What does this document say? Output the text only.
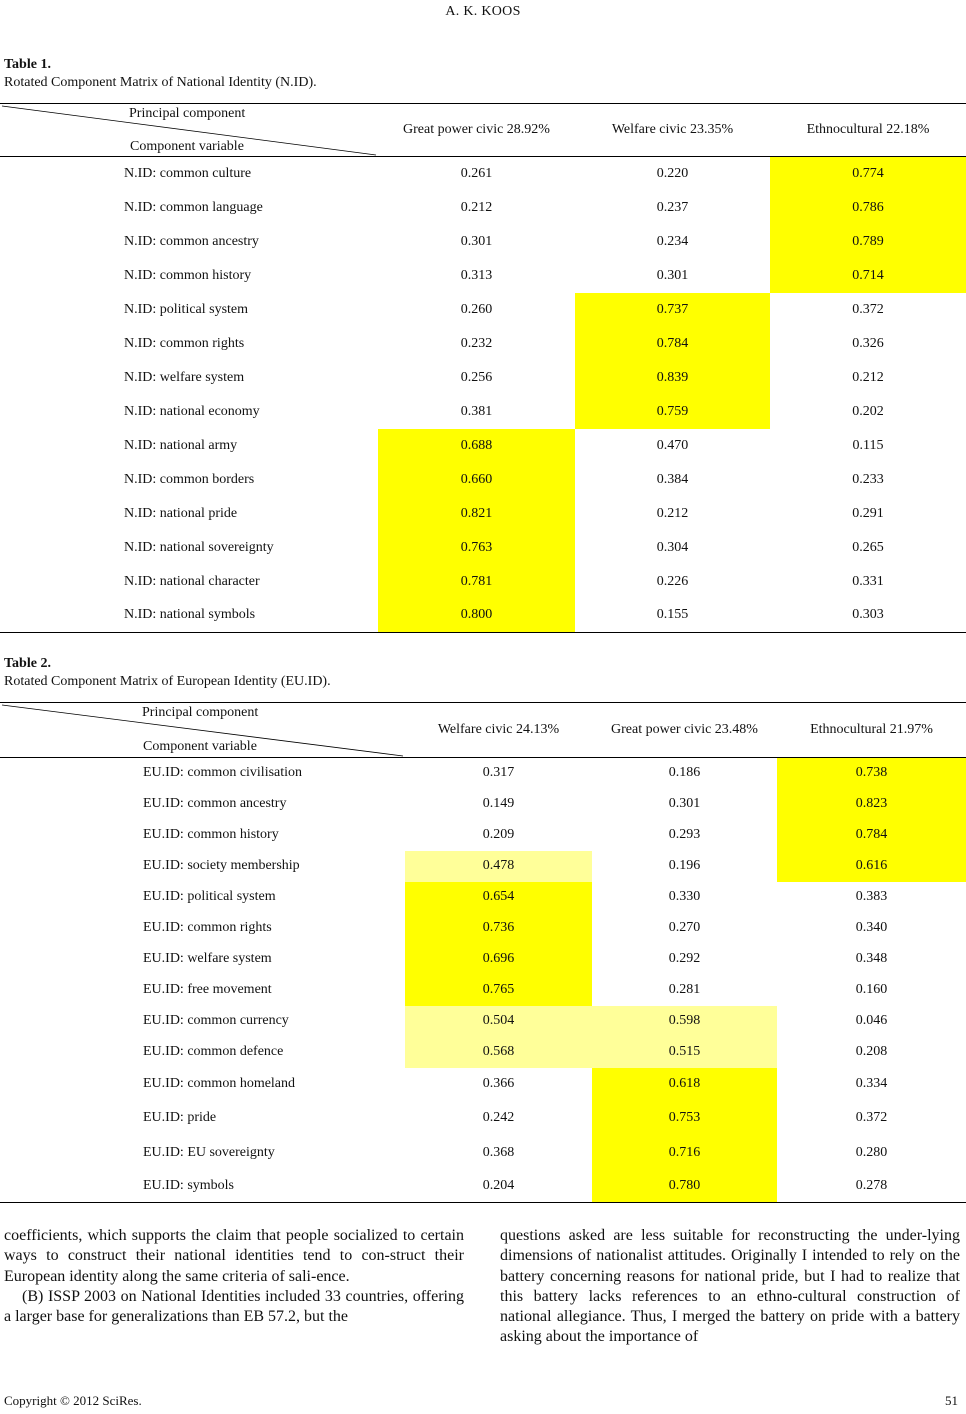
A. K. KOOS
Table 1.
Rotated Component Matrix of National Identity (N.ID).
Principal component
Component variable	Great power civic 28.92%	Welfare civic 23.35%	Ethnocultural 22.18%
N.ID: common culture	0.261	0.220	0.774
N.ID: common language	0.212	0.237	0.786
N.ID: common ancestry	0.301	0.234	0.789
N.ID: common history	0.313	0.301	0.714
N.ID: political system	0.260	0.737	0.372
N.ID: common rights	0.232	0.784	0.326
N.ID: welfare system	0.256	0.839	0.212
N.ID: national economy	0.381	0.759	0.202
N.ID: national army	0.688	0.470	0.115
N.ID: common borders	0.660	0.384	0.233
N.ID: national pride	0.821	0.212	0.291
N.ID: national sovereignty	0.763	0.304	0.265
N.ID: national character	0.781	0.226	0.331
N.ID: national symbols	0.800	0.155	0.303
Table 2.
Rotated Component Matrix of European Identity (EU.ID).
Principal component
Component variable	Welfare civic 24.13%	Great power civic 23.48%	Ethnocultural 21.97%
EU.ID: common civilisation	0.317	0.186	0.738
EU.ID: common ancestry	0.149	0.301	0.823
EU.ID: common history	0.209	0.293	0.784
EU.ID: society membership	0.478	0.196	0.616
EU.ID: political system	0.654	0.330	0.383
EU.ID: common rights	0.736	0.270	0.340
EU.ID: welfare system	0.696	0.292	0.348
EU.ID: free movement	0.765	0.281	0.160
EU.ID: common currency	0.504	0.598	0.046
EU.ID: common defence	0.568	0.515	0.208
EU.ID: common homeland	0.366	0.618	0.334
EU.ID: pride	0.242	0.753	0.372
EU.ID: EU sovereignty	0.368	0.716	0.280
EU.ID: symbols	0.204	0.780	0.278

coefficients, which supports the claim that people socialized to certain ways to construct their national identities tend to con-struct their European identity along the same criteria of sali-ence.

(B) ISSP 2003 on National Identities included 33 countries, offering a larger base for generalizations than EB 57.2, but the

questions asked are less suitable for reconstructing the under-lying dimensions of nationalist attitudes. Originally I intended to rely on the battery concerning reasons for national pride, but I had to realize that this battery lacks references to an ethno-cultural construction of national allegiance. Thus, I merged the battery on pride with a battery asking about the importance of

Copyright © 2012 SciRes.	51
